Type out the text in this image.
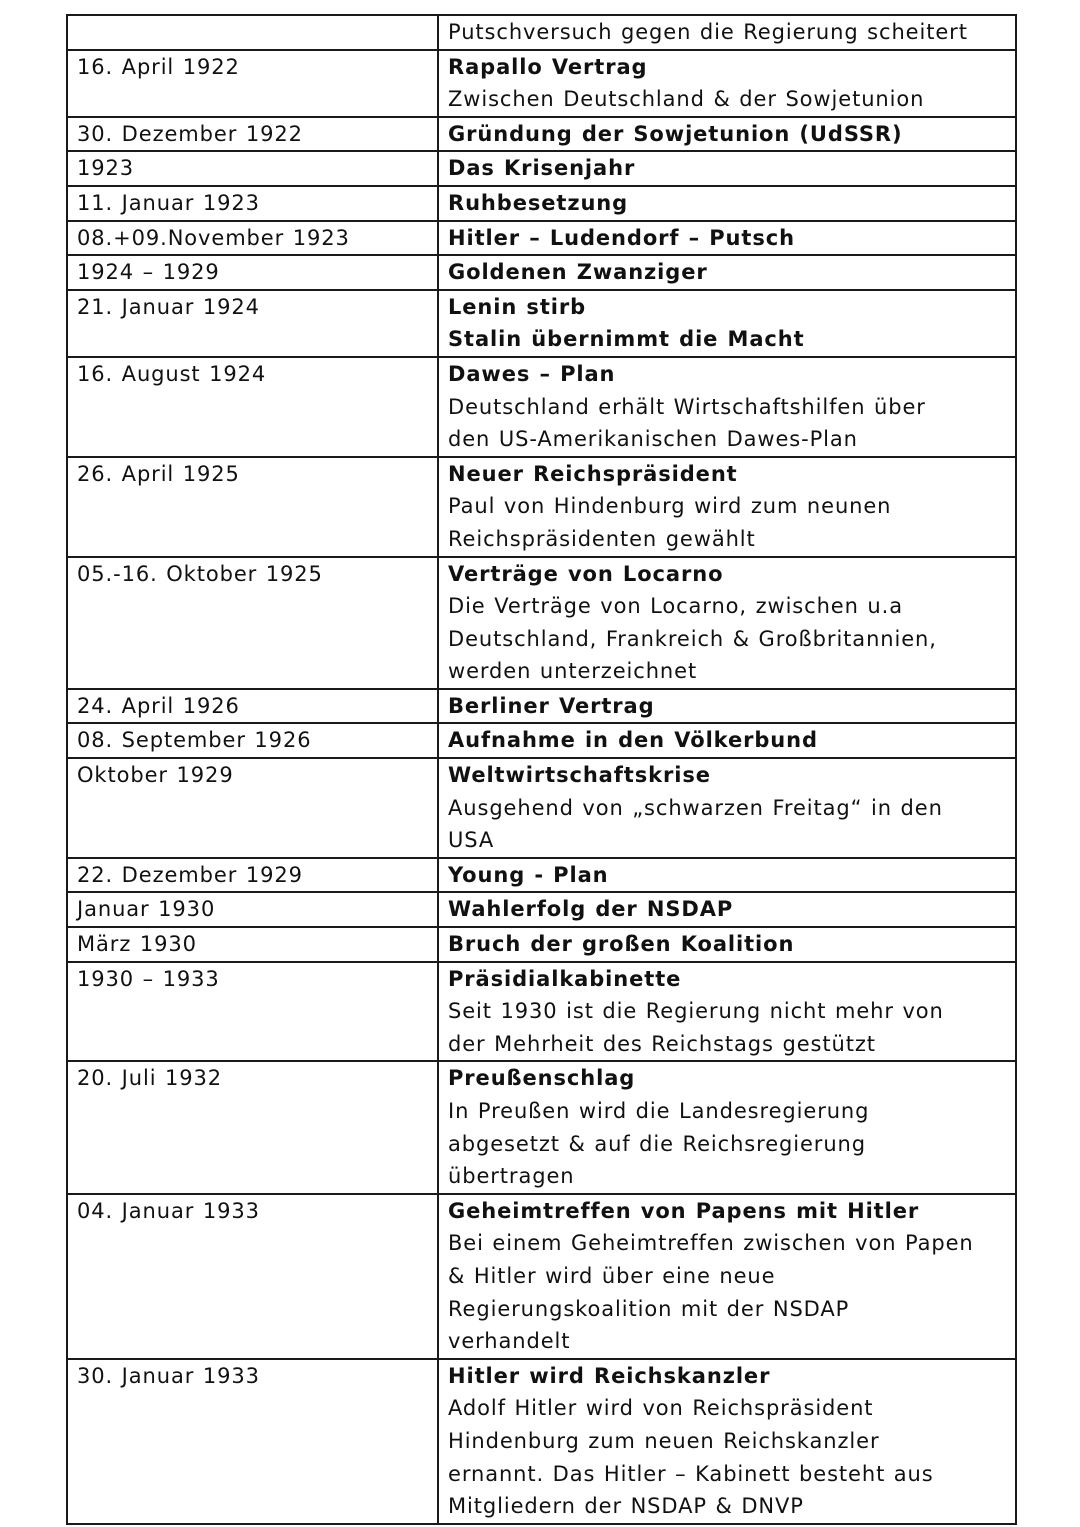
	Putschversuch gegen die Regierung scheitert

16. April 1922	Rapallo Vertrag
Zwischen Deutschland & der Sowjetunion

30. Dezember 1922	Gründung der Sowjetunion (UdSSR)

1923	Das Krisenjahr

11. Januar 1923	Ruhbesetzung

08.+09.November 1923	Hitler – Ludendorf – Putsch

1924 – 1929	Goldenen Zwanziger

21. Januar 1924	Lenin stirb
Stalin übernimmt die Macht

16. August 1924	Dawes – Plan
Deutschland erhält Wirtschaftshilfen über
den US-Amerikanischen Dawes-Plan

26. April 1925	Neuer Reichspräsident
Paul von Hindenburg wird zum neunen
Reichspräsidenten gewählt

05.-16. Oktober 1925	Verträge von Locarno
Die Verträge von Locarno, zwischen u.a
Deutschland, Frankreich & Großbritannien,
werden unterzeichnet

24. April 1926	Berliner Vertrag

08. September 1926	Aufnahme in den Völkerbund

Oktober 1929	Weltwirtschaftskrise
Ausgehend von „schwarzen Freitag“ in den
USA

22. Dezember 1929	Young - Plan

Januar 1930	Wahlerfolg der NSDAP

März 1930	Bruch der großen Koalition

1930 – 1933	Präsidialkabinette
Seit 1930 ist die Regierung nicht mehr von
der Mehrheit des Reichstags gestützt

20. Juli 1932	Preußenschlag
In Preußen wird die Landesregierung
abgesetzt & auf die Reichsregierung
übertragen

04. Januar 1933	Geheimtreffen von Papens mit Hitler
Bei einem Geheimtreffen zwischen von Papen
& Hitler wird über eine neue
Regierungskoalition mit der NSDAP
verhandelt

30. Januar 1933	Hitler wird Reichskanzler
Adolf Hitler wird von Reichspräsident
Hindenburg zum neuen Reichskanzler
ernannt. Das Hitler – Kabinett besteht aus
Mitgliedern der NSDAP & DNVP
